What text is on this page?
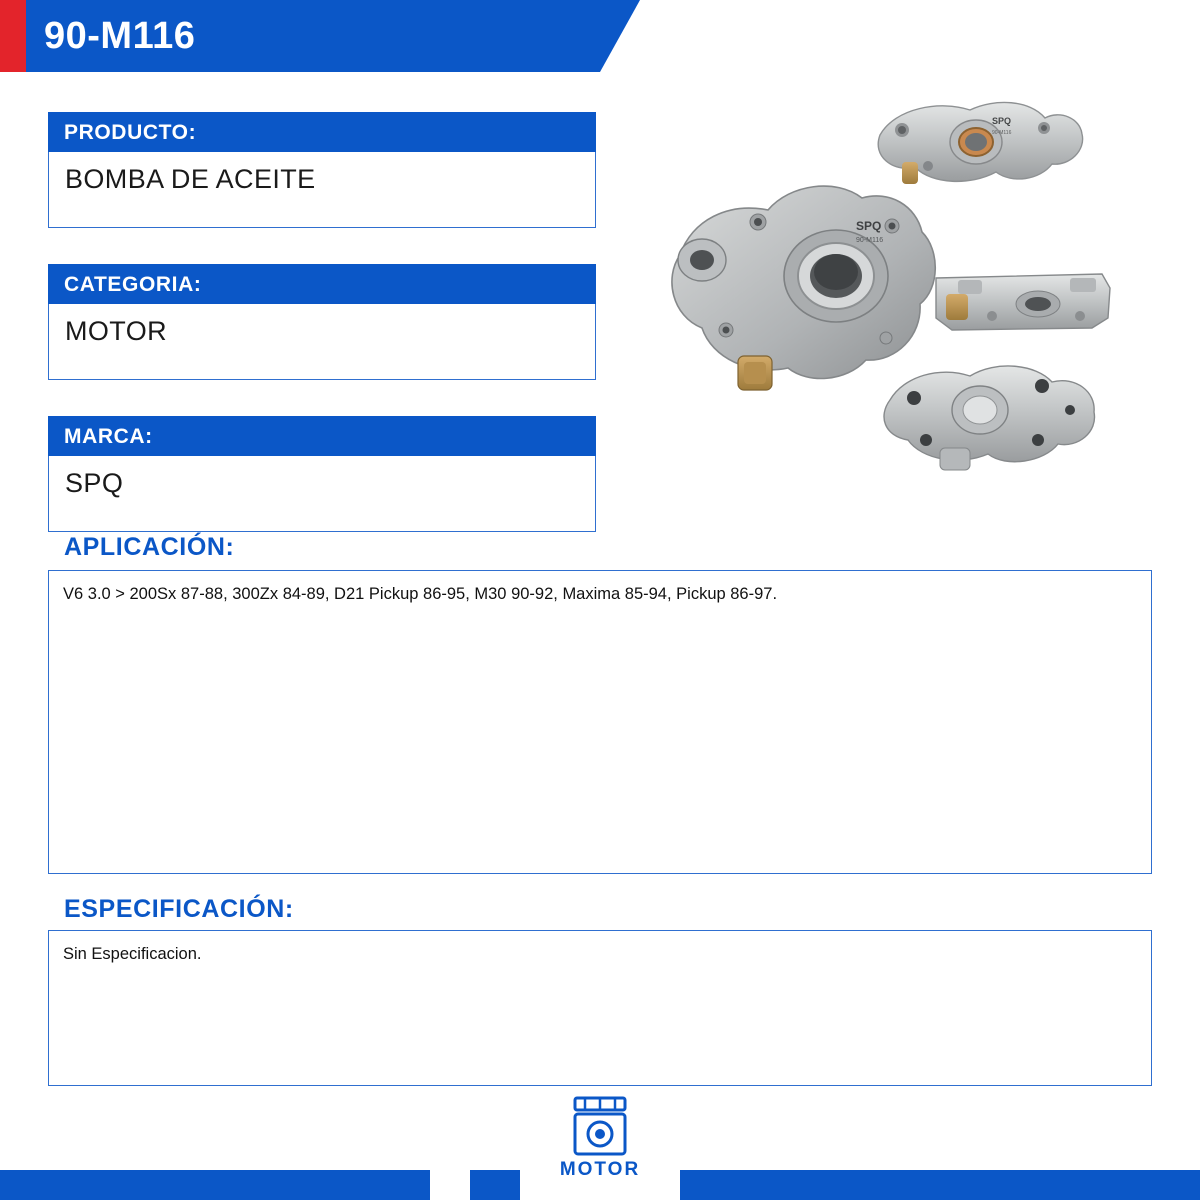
90-M116
PRODUCTO:
BOMBA DE ACEITE
CATEGORIA:
MOTOR
MARCA:
SPQ
SPQ
90-M116
SPQ
90-M116
APLICACIÓN:
V6 3.0 > 200Sx 87-88, 300Zx 84-89, D21 Pickup 86-95, M30 90-92, Maxima 85-94, Pickup 86-97.
ESPECIFICACIÓN:
Sin Especificacion.
MOTOR
